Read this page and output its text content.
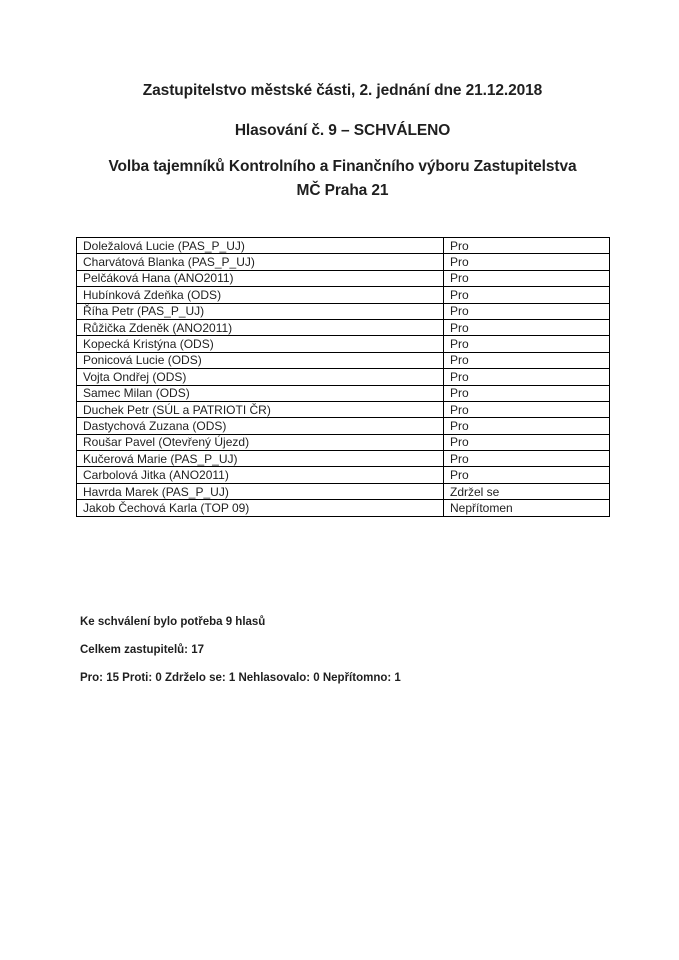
Zastupitelstvo městské části, 2. jednání dne 21.12.2018
Hlasování č. 9 – SCHVÁLENO
Volba tajemníků Kontrolního a Finančního výboru Zastupitelstva
MČ Praha 21
Doležalová Lucie (PAS_P_UJ)	Pro
Charvátová Blanka (PAS_P_UJ)	Pro
Pelčáková Hana (ANO2011)	Pro
Hubínková Zdeňka (ODS)	Pro
Říha Petr (PAS_P_UJ)	Pro
Růžička Zdeněk (ANO2011)	Pro
Kopecká Kristýna (ODS)	Pro
Ponicová Lucie (ODS)	Pro
Vojta Ondřej (ODS)	Pro
Samec Milan (ODS)	Pro
Duchek Petr (SÚL a PATRIOTI ČR)	Pro
Dastychová Zuzana (ODS)	Pro
Roušar Pavel (Otevřený Újezd)	Pro
Kučerová Marie (PAS_P_UJ)	Pro
Carbolová Jitka (ANO2011)	Pro
Havrda Marek (PAS_P_UJ)	Zdržel se
Jakob Čechová Karla (TOP 09)	Nepřítomen
Ke schválení bylo potřeba 9 hlasů
Celkem zastupitelů: 17
Pro: 15 Proti: 0 Zdrželo se: 1 Nehlasovalo: 0 Nepřítomno: 1
